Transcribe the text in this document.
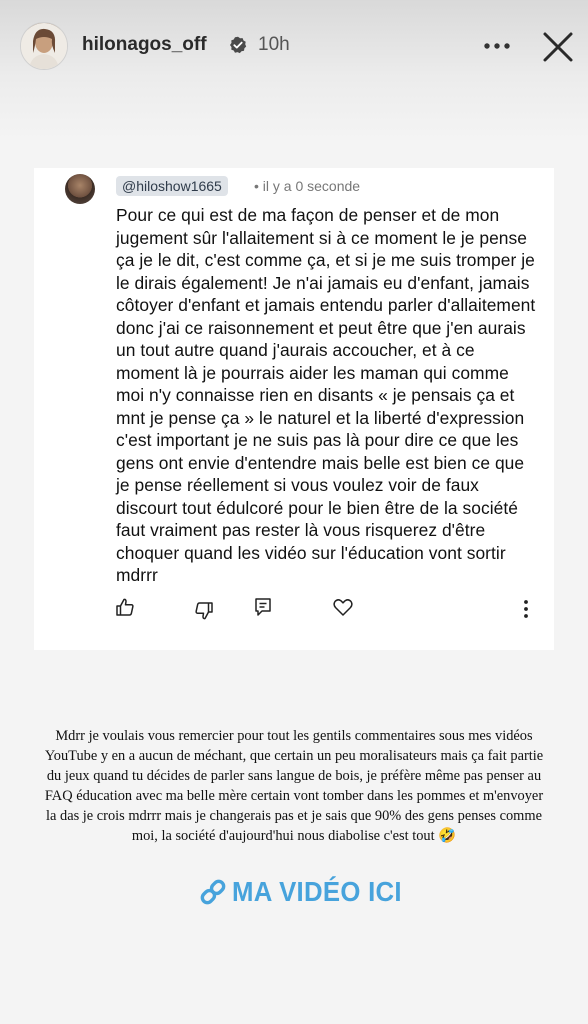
hilonagos_off	10h
@hiloshow1665	• il y a 0 seconde
Pour ce qui est de ma façon de penser et de mon jugement sûr l'allaitement si à ce moment le je pense ça je le dit, c'est comme ça, et si je me suis tromper je le dirais également! Je n'ai jamais eu d'enfant, jamais côtoyer d'enfant et jamais entendu parler d'allaitement donc j'ai ce raisonnement et peut être que j'en aurais un tout autre quand j'aurais accoucher, et à ce moment là je pourrais aider les maman qui comme moi n'y connaisse rien en disants « je pensais ça et mnt je pense ça » le naturel et la liberté d'expression c'est important je ne suis pas là pour dire ce que les gens ont envie d'entendre mais belle est bien ce que je pense réellement si vous voulez voir de faux discourt tout édulcoré pour le bien être de la société faut vraiment pas rester là vous risquerez d'être choquer quand les vidéo sur l'éducation vont sortir mdrrr
Mdrr je voulais vous remercier pour tout les gentils commentaires sous mes vidéos YouTube y en a aucun de méchant, que certain un peu moralisateurs mais ça fait partie du jeux quand tu décides de parler sans langue de bois, je préfère même pas penser au FAQ éducation avec ma belle mère certain vont tomber dans les pommes et m'envoyer la das je crois mdrrr mais je changerais pas et je sais que 90% des gens penses comme moi, la société d'aujourd'hui nous diabolise c'est tout 🤣
MA VIDÉO ICI
